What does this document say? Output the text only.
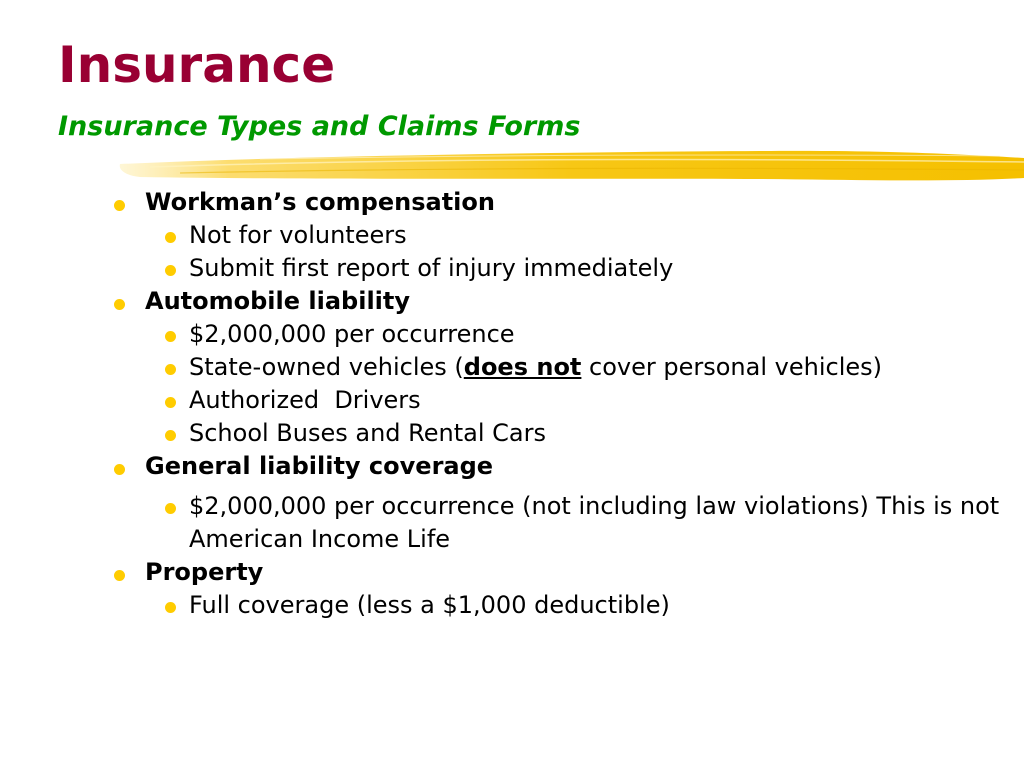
Insurance
Insurance Types and Claims Forms
Workman’s compensation
Not for volunteers
Submit first report of injury immediately
Automobile liability
$2,000,000 per occurrence
State-owned vehicles (does not cover personal vehicles)
Authorized  Drivers
School Buses and Rental Cars
General liability coverage
$2,000,000 per occurrence (not including law violations) This is not American Income Life
Property
Full coverage (less a $1,000 deductible)
